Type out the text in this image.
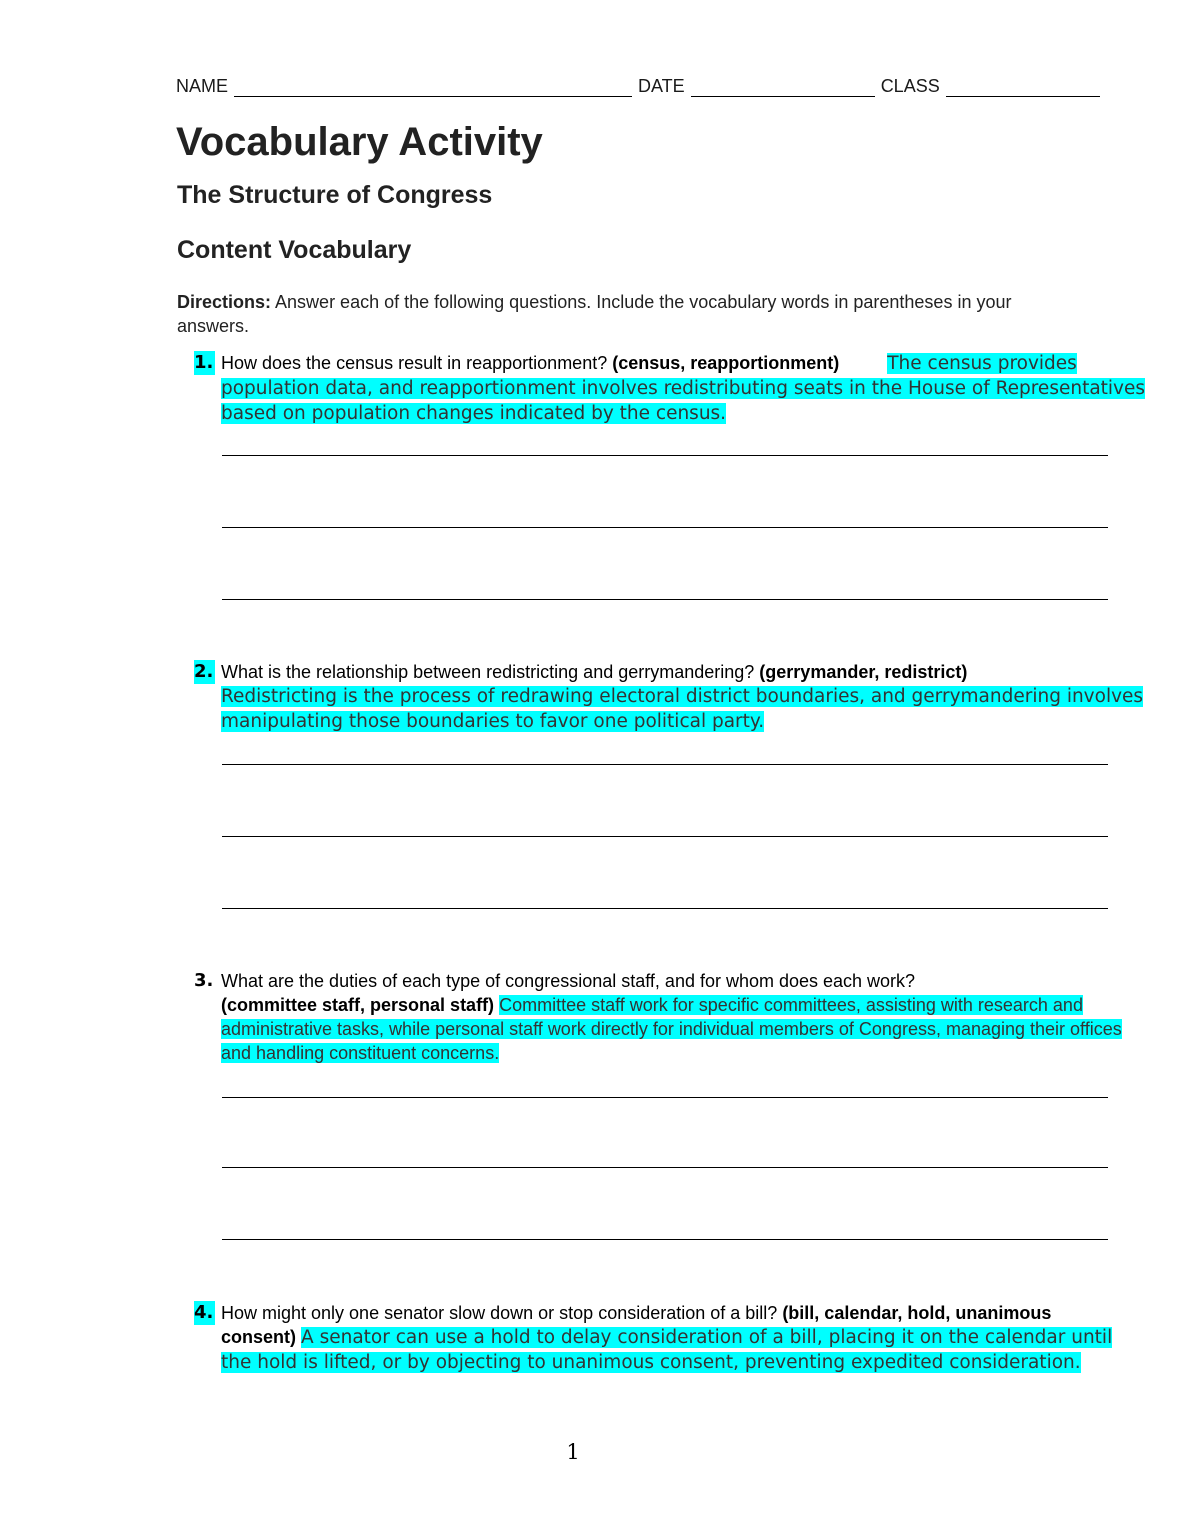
NAME	DATE	CLASS
Vocabulary Activity
The Structure of Congress
Content Vocabulary
Directions: Answer each of the following questions. Include the vocabulary words in parentheses in your answers.
1. How does the census result in reapportionment? (census, reapportionment)	The census provides population data, and reapportionment involves redistributing seats in the House of Representatives based on population changes indicated by the census.
2. What is the relationship between redistricting and gerrymandering? (gerrymander, redistrict)
Redistricting is the process of redrawing electoral district boundaries, and gerrymandering involves manipulating those boundaries to favor one political party.
3. What are the duties of each type of congressional staff, and for whom does each work?
(committee staff, personal staff) Committee staff work for specific committees, assisting with research and administrative tasks, while personal staff work directly for individual members of Congress, managing their offices and handling constituent concerns.
4. How might only one senator slow down or stop consideration of a bill? (bill, calendar, hold, unanimous consent) A senator can use a hold to delay consideration of a bill, placing it on the calendar until the hold is lifted, or by objecting to unanimous consent, preventing expedited consideration.
1
